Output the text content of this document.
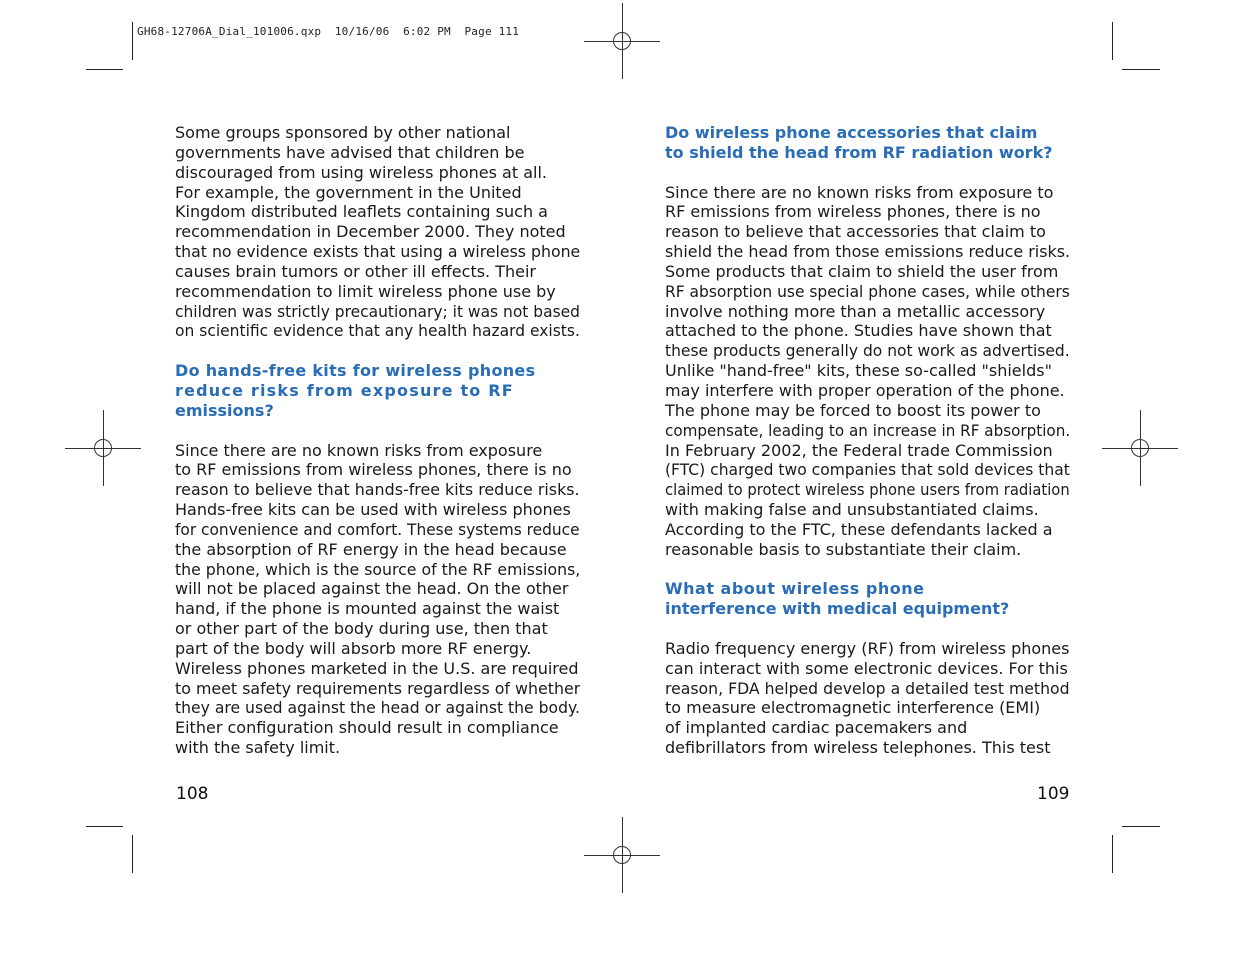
GH68-12706A_Dial_101006.qxp  10/16/06  6:02 PM  Page 111
Some groups sponsored by other national
governments have advised that children be
discouraged from using wireless phones at all.
For example, the government in the United
Kingdom distributed leaflets containing such a
recommendation in December 2000. They noted
that no evidence exists that using a wireless phone
causes brain tumors or other ill effects. Their
recommendation to limit wireless phone use by
children was strictly precautionary; it was not based
on scientific evidence that any health hazard exists.
Do hands-free kits for wireless phones
reduce risks from exposure to RF
emissions?
Since there are no known risks from exposure
to RF emissions from wireless phones, there is no
reason to believe that hands-free kits reduce risks.
Hands-free kits can be used with wireless phones
for convenience and comfort. These systems reduce
the absorption of RF energy in the head because
the phone, which is the source of the RF emissions,
will not be placed against the head. On the other
hand, if the phone is mounted against the waist
or other part of the body during use, then that
part of the body will absorb more RF energy.
Wireless phones marketed in the U.S. are required
to meet safety requirements regardless of whether
they are used against the head or against the body.
Either configuration should result in compliance
with the safety limit.
108
Do wireless phone accessories that claim
to shield the head from RF radiation work?
Since there are no known risks from exposure to
RF emissions from wireless phones, there is no
reason to believe that accessories that claim to
shield the head from those emissions reduce risks.
Some products that claim to shield the user from
RF absorption use special phone cases, while others
involve nothing more than a metallic accessory
attached to the phone. Studies have shown that
these products generally do not work as advertised.
Unlike "hand-free" kits, these so-called "shields"
may interfere with proper operation of the phone.
The phone may be forced to boost its power to
compensate, leading to an increase in RF absorption.
In February 2002, the Federal trade Commission
(FTC) charged two companies that sold devices that
claimed to protect wireless phone users from radiation
with making false and unsubstantiated claims.
According to the FTC, these defendants lacked a
reasonable basis to substantiate their claim.
What about wireless phone
interference with medical equipment?
Radio frequency energy (RF) from wireless phones
can interact with some electronic devices. For this
reason, FDA helped develop a detailed test method
to measure electromagnetic interference (EMI)
of implanted cardiac pacemakers and
defibrillators from wireless telephones. This test
109
